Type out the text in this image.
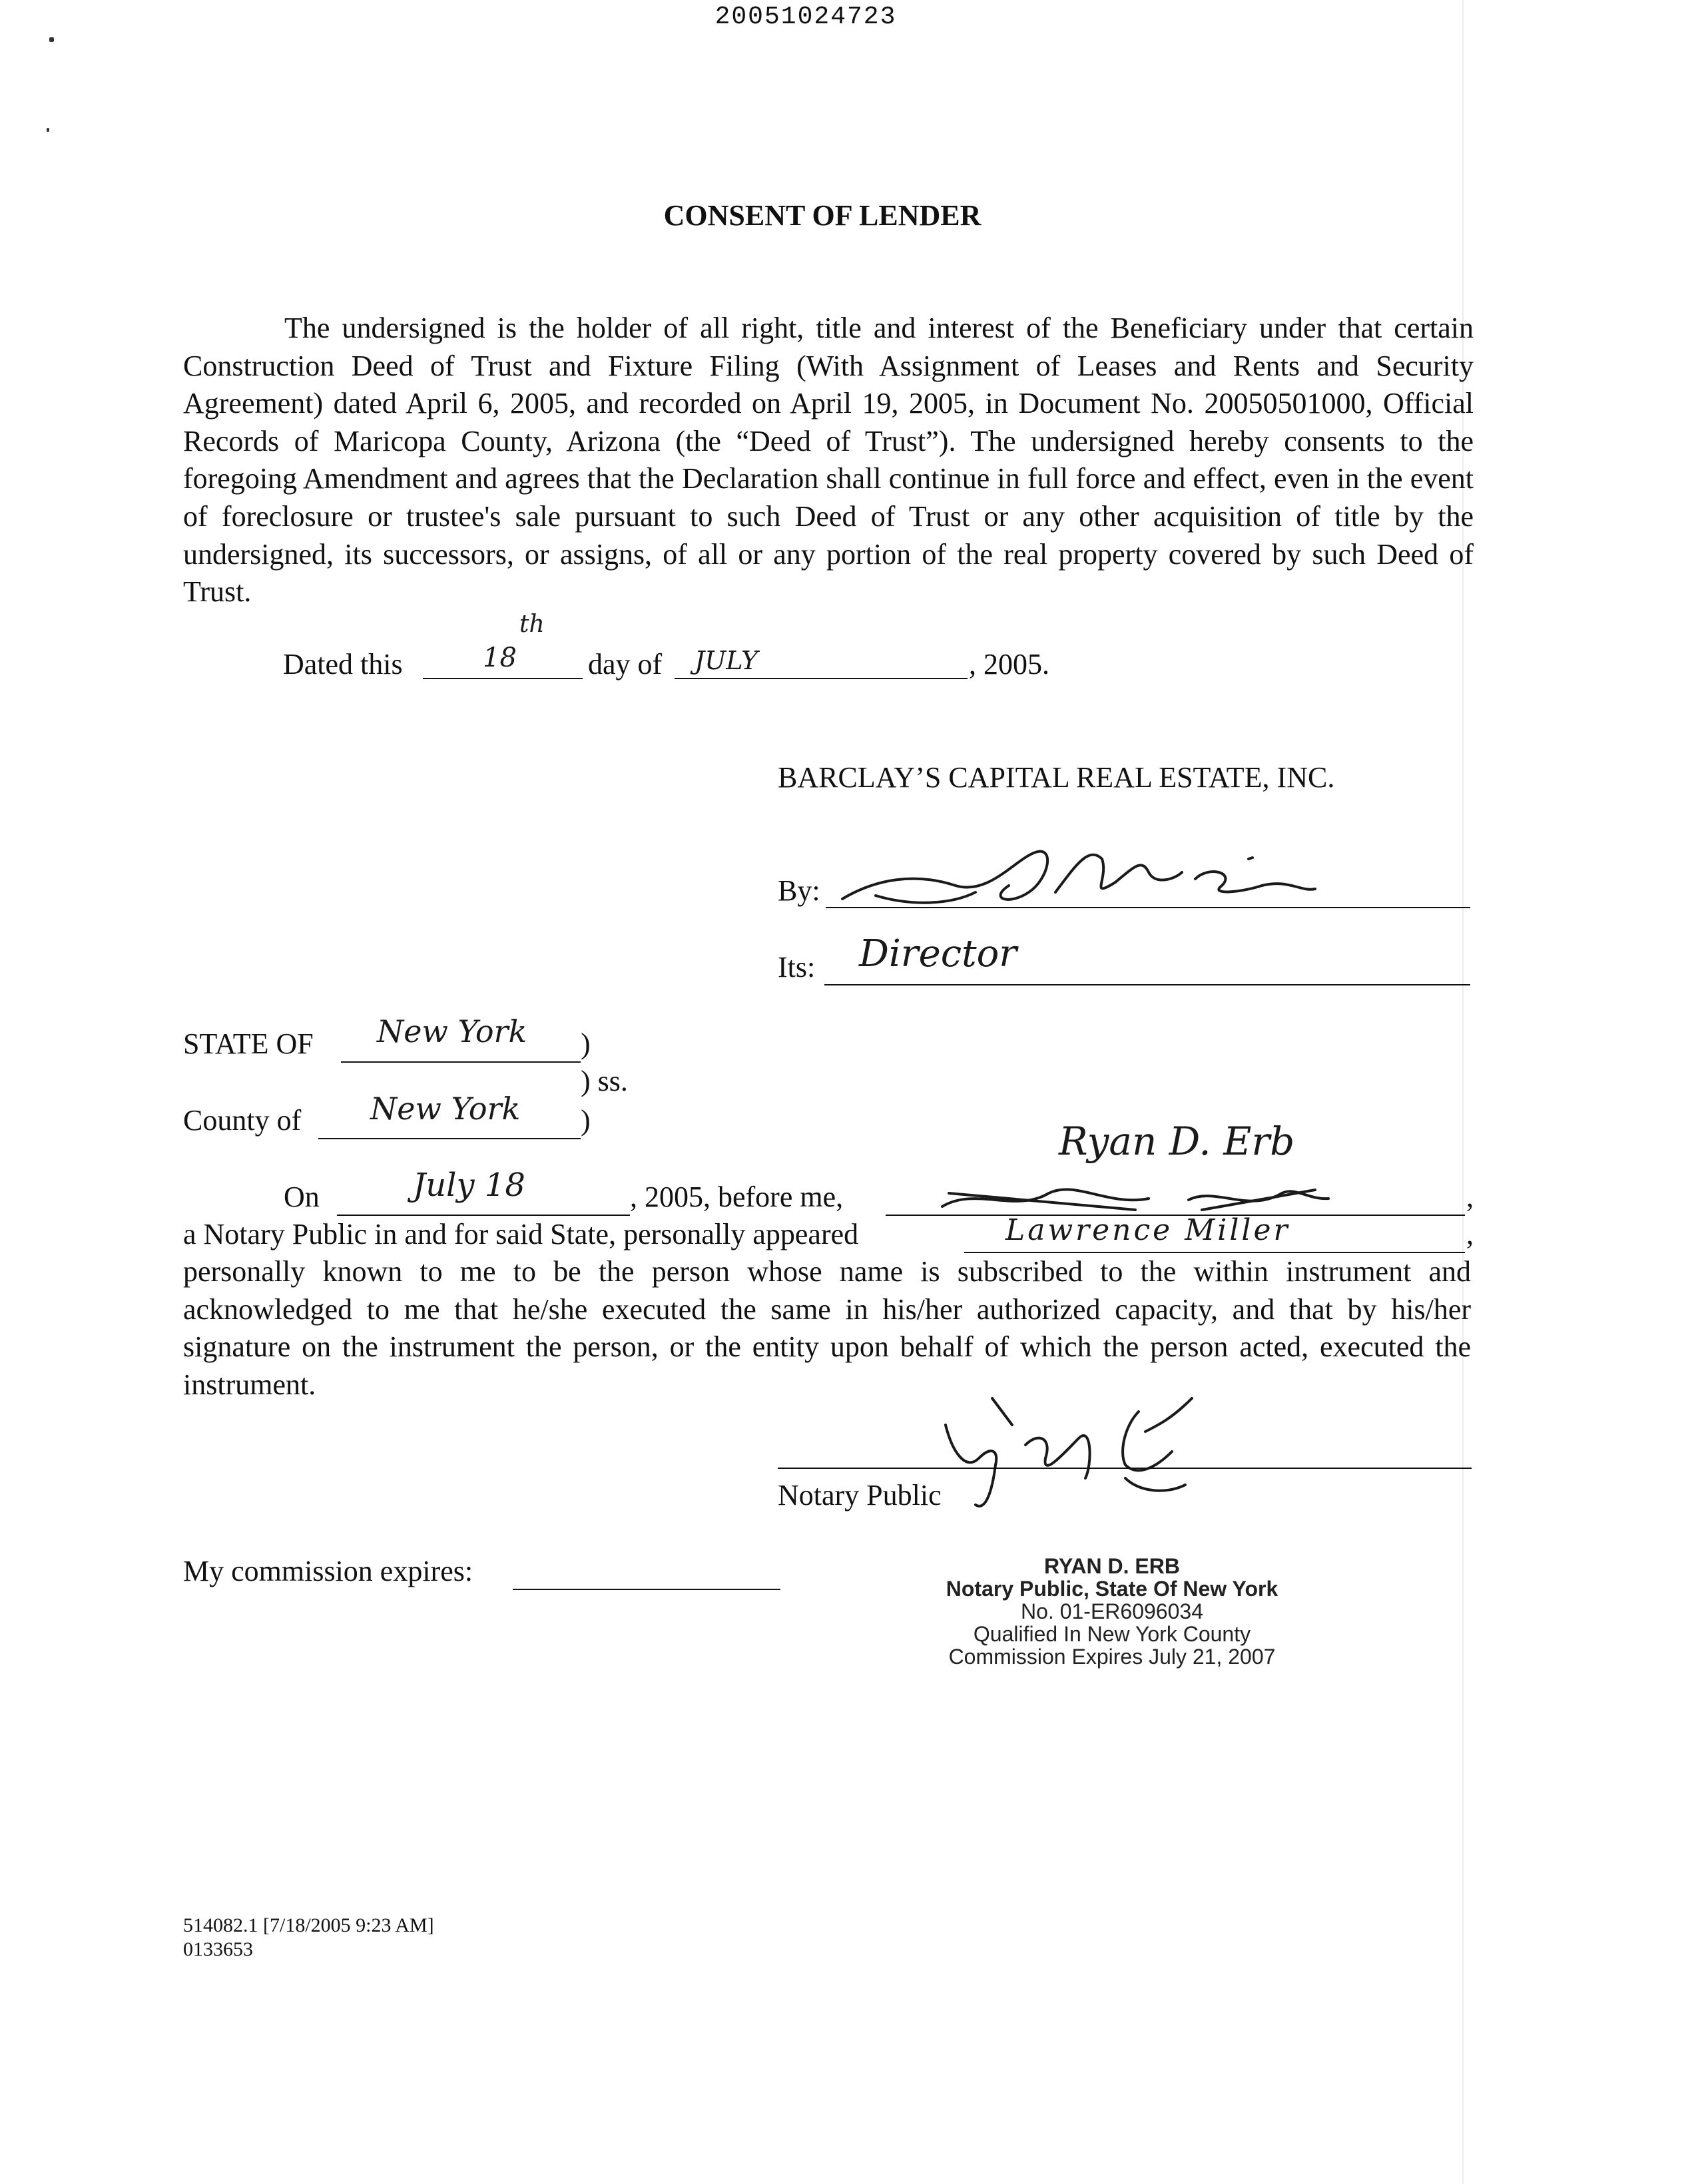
20051024723
CONSENT OF LENDER
The undersigned is the holder of all right, title and interest of the Beneficiary under that certain Construction Deed of Trust and Fixture Filing (With Assignment of Leases and Rents and Security Agreement) dated April 6, 2005, and recorded on April 19, 2005, in Document No. 20050501000, Official Records of Maricopa County, Arizona (the “Deed of Trust”). The undersigned hereby consents to the foregoing Amendment and agrees that the Declaration shall continue in full force and effect, even in the event of foreclosure or trustee's sale pursuant to such Deed of Trust or any other acquisition of title by the undersigned, its successors, or assigns, of all or any portion of the real property covered by such Deed of Trust.
Dated this	18
th
day of JULY	, 2005.
BARCLAY’S CAPITAL REAL ESTATE, INC.
By:
Its: Director
STATE OF New York )
) ss.
County of New York )
On	July 18	, 2005, before me,
Ryan D. Erb
,
a Notary Public in and for said State, personally appeared	Lawrence Miller	,
personally known to me to be the person whose name is subscribed to the within instrument and acknowledged to me that he/she executed the same in his/her authorized capacity, and that by his/her signature on the instrument the person, or the entity upon behalf of which the person acted, executed the instrument.
Notary Public
My commission expires:	RYAN D. ERB
Notary Public, State Of New York
No. 01-ER6096034
Qualified In New York County
Commission Expires July 21, 2007
514082.1 [7/18/2005 9:23 AM]
0133653
